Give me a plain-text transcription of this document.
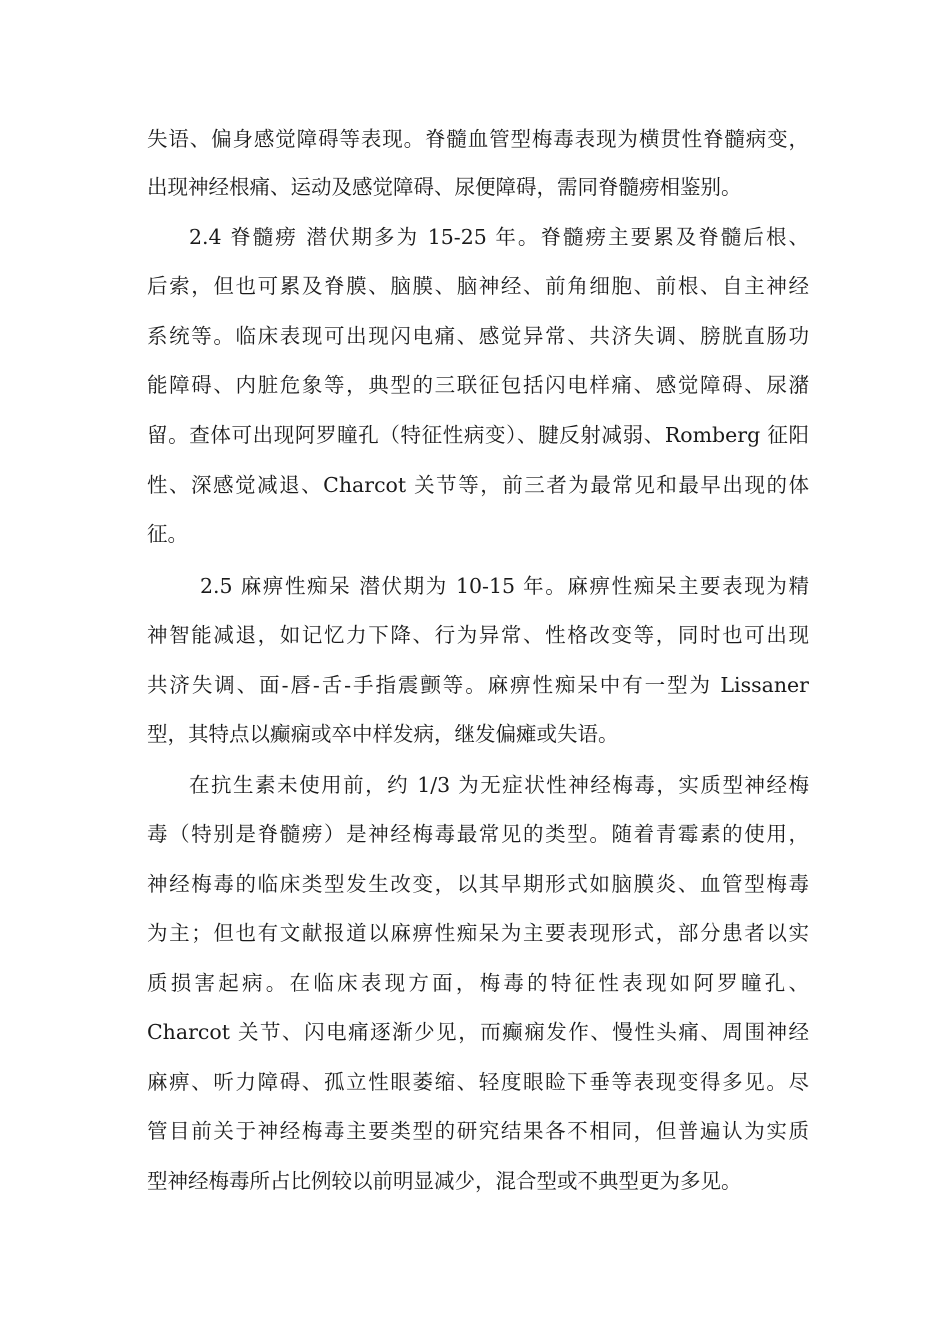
失语、偏身感觉障碍等表现。脊髓血管型梅毒表现为横贯性脊髓病变，
出现神经根痛、运动及感觉障碍、尿便障碍，需同脊髓痨相鉴别。
2.4 脊髓痨 潜伏期多为 15-25 年。脊髓痨主要累及脊髓后根、
后索，但也可累及脊膜、脑膜、脑神经、前角细胞、前根、自主神经
系统等。临床表现可出现闪电痛、感觉异常、共济失调、膀胱直肠功
能障碍、内脏危象等，典型的三联征包括闪电样痛、感觉障碍、尿潴
留。查体可出现阿罗瞳孔（特征性病变）、腱反射减弱、Romberg 征阳
性、深感觉减退、Charcot 关节等，前三者为最常见和最早出现的体
征。
2.5 麻痹性痴呆 潜伏期为 10-15 年。麻痹性痴呆主要表现为精
神智能减退，如记忆力下降、行为异常、性格改变等，同时也可出现
共济失调、面-唇-舌-手指震颤等。麻痹性痴呆中有一型为 Lissaner
型，其特点以癫痫或卒中样发病，继发偏瘫或失语。
在抗生素未使用前，约 1/3 为无症状性神经梅毒，实质型神经梅
毒（特别是脊髓痨）是神经梅毒最常见的类型。随着青霉素的使用，
神经梅毒的临床类型发生改变，以其早期形式如脑膜炎、血管型梅毒
为主；但也有文献报道以麻痹性痴呆为主要表现形式，部分患者以实
质损害起病。在临床表现方面，梅毒的特征性表现如阿罗瞳孔、
Charcot 关节、闪电痛逐渐少见，而癫痫发作、慢性头痛、周围神经
麻痹、听力障碍、孤立性眼萎缩、轻度眼睑下垂等表现变得多见。尽
管目前关于神经梅毒主要类型的研究结果各不相同，但普遍认为实质
型神经梅毒所占比例较以前明显减少，混合型或不典型更为多见。
